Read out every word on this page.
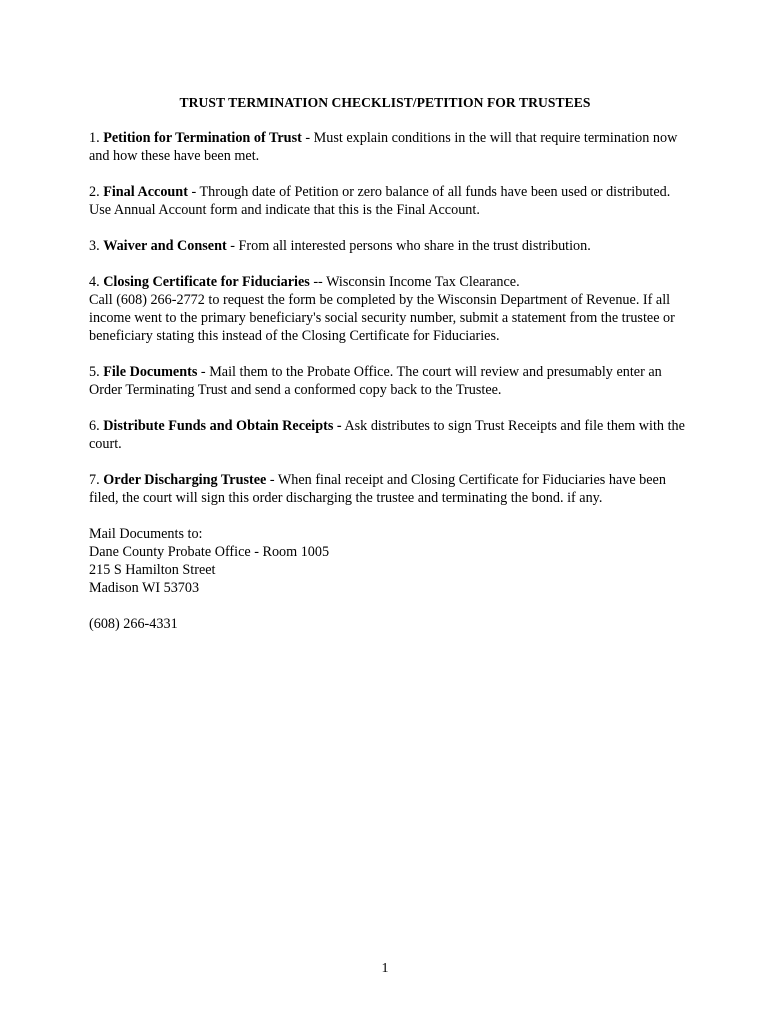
TRUST TERMINATION CHECKLIST/PETITION FOR TRUSTEES
1. Petition for Termination of Trust - Must explain conditions in the will that require termination now and how these have been met.
2. Final Account - Through date of Petition or zero balance of all funds have been used or distributed. Use Annual Account form and indicate that this is the Final Account.
3. Waiver and Consent - From all interested persons who share in the trust distribution.
4. Closing Certificate for Fiduciaries -- Wisconsin Income Tax Clearance.
Call (608) 266-2772 to request the form be completed by the Wisconsin Department of Revenue. If all income went to the primary beneficiary's social security number, submit a statement from the trustee or beneficiary stating this instead of the Closing Certificate for Fiduciaries.
5. File Documents - Mail them to the Probate Office. The court will review and presumably enter an Order Terminating Trust and send a conformed copy back to the Trustee.
6. Distribute Funds and Obtain Receipts - Ask distributes to sign Trust Receipts and file them with the court.
7. Order Discharging Trustee - When final receipt and Closing Certificate for Fiduciaries have been filed, the court will sign this order discharging the trustee and terminating the bond. if any.
Mail Documents to:
Dane County Probate Office - Room 1005
215 S Hamilton Street
Madison WI 53703
(608) 266-4331
1
